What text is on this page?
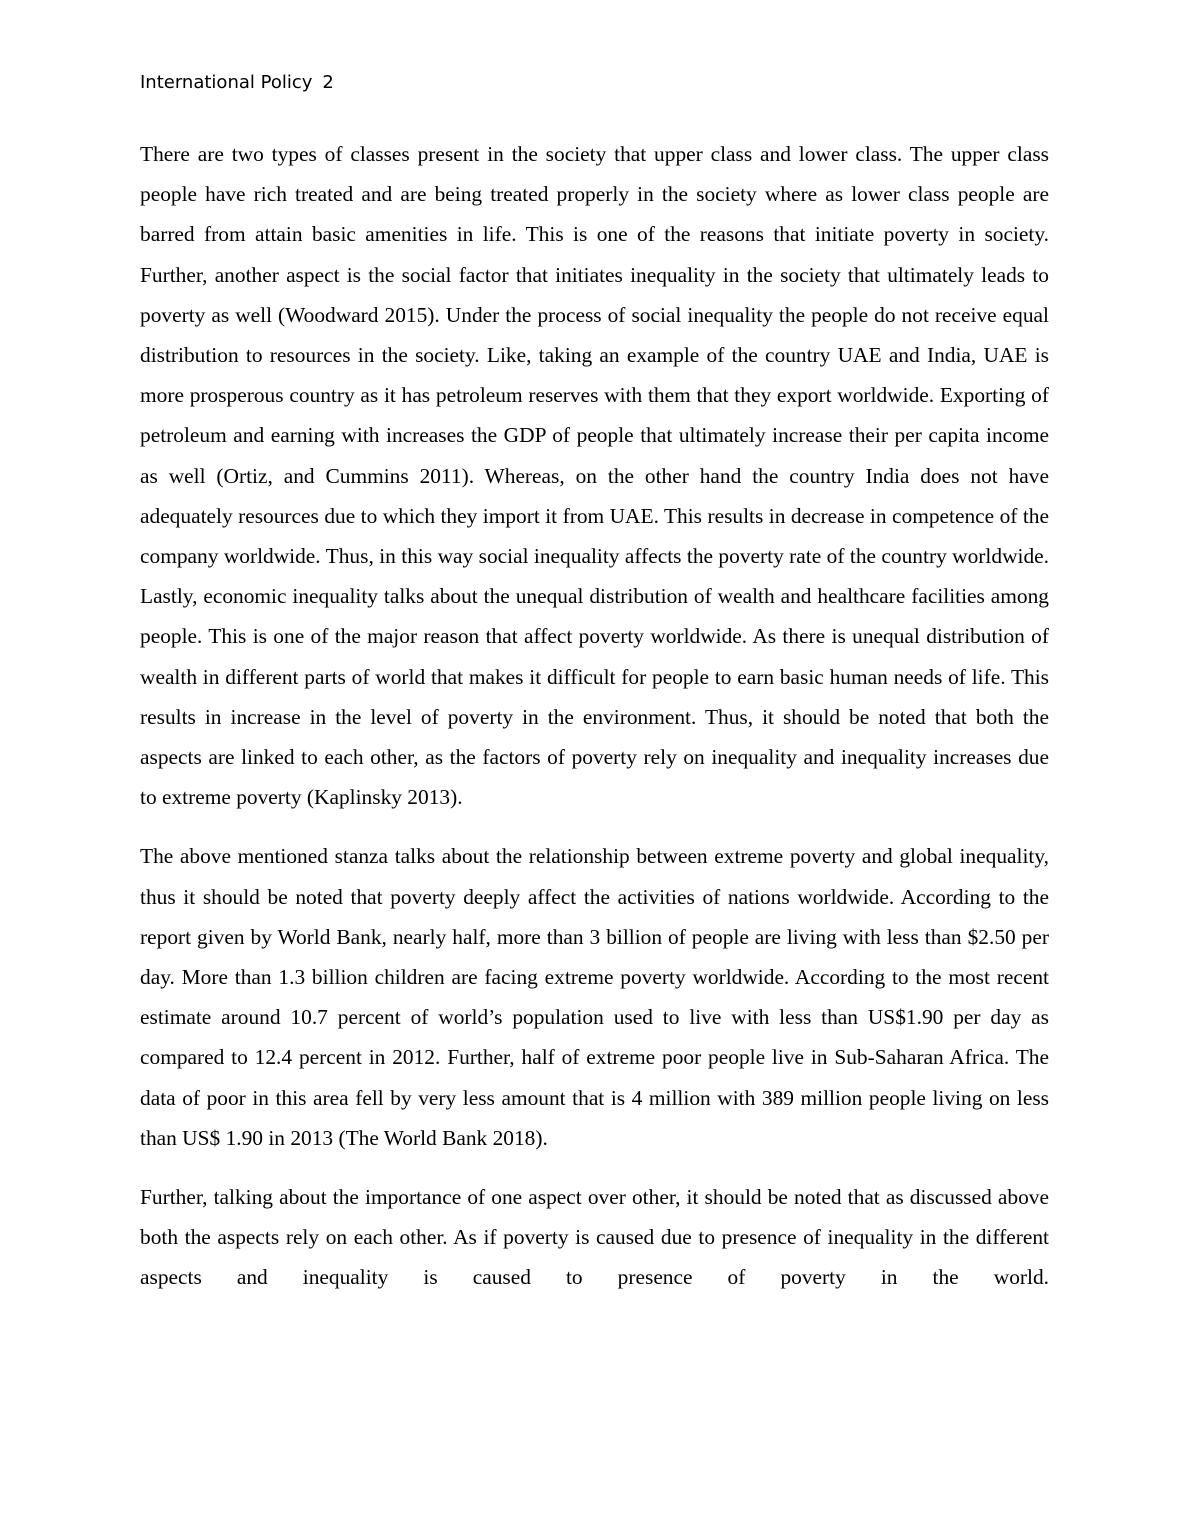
International Policy 2

There are two types of classes present in the society that upper class and lower class. The upper class people have rich treated and are being treated properly in the society where as lower class people are barred from attain basic amenities in life. This is one of the reasons that initiate poverty in society. Further, another aspect is the social factor that initiates inequality in the society that ultimately leads to poverty as well (Woodward 2015). Under the process of social inequality the people do not receive equal distribution to resources in the society. Like, taking an example of the country UAE and India, UAE is more prosperous country as it has petroleum reserves with them that they export worldwide. Exporting of petroleum and earning with increases the GDP of people that ultimately increase their per capita income as well (Ortiz, and Cummins 2011). Whereas, on the other hand the country India does not have adequately resources due to which they import it from UAE. This results in decrease in competence of the company worldwide. Thus, in this way social inequality affects the poverty rate of the country worldwide. Lastly, economic inequality talks about the unequal distribution of wealth and healthcare facilities among people. This is one of the major reason that affect poverty worldwide. As there is unequal distribution of wealth in different parts of world that makes it difficult for people to earn basic human needs of life. This results in increase in the level of poverty in the environment. Thus, it should be noted that both the aspects are linked to each other, as the factors of poverty rely on inequality and inequality increases due to extreme poverty (Kaplinsky 2013).

The above mentioned stanza talks about the relationship between extreme poverty and global inequality, thus it should be noted that poverty deeply affect the activities of nations worldwide. According to the report given by World Bank, nearly half, more than 3 billion of people are living with less than $2.50 per day. More than 1.3 billion children are facing extreme poverty worldwide. According to the most recent estimate around 10.7 percent of world’s population used to live with less than US$1.90 per day as compared to 12.4 percent in 2012. Further, half of extreme poor people live in Sub-Saharan Africa. The data of poor in this area fell by very less amount that is 4 million with 389 million people living on less than US$ 1.90 in 2013 (The World Bank 2018).

Further, talking about the importance of one aspect over other, it should be noted that as discussed above both the aspects rely on each other. As if poverty is caused due to presence of inequality in the different aspects and inequality is caused to presence of poverty in the world.
